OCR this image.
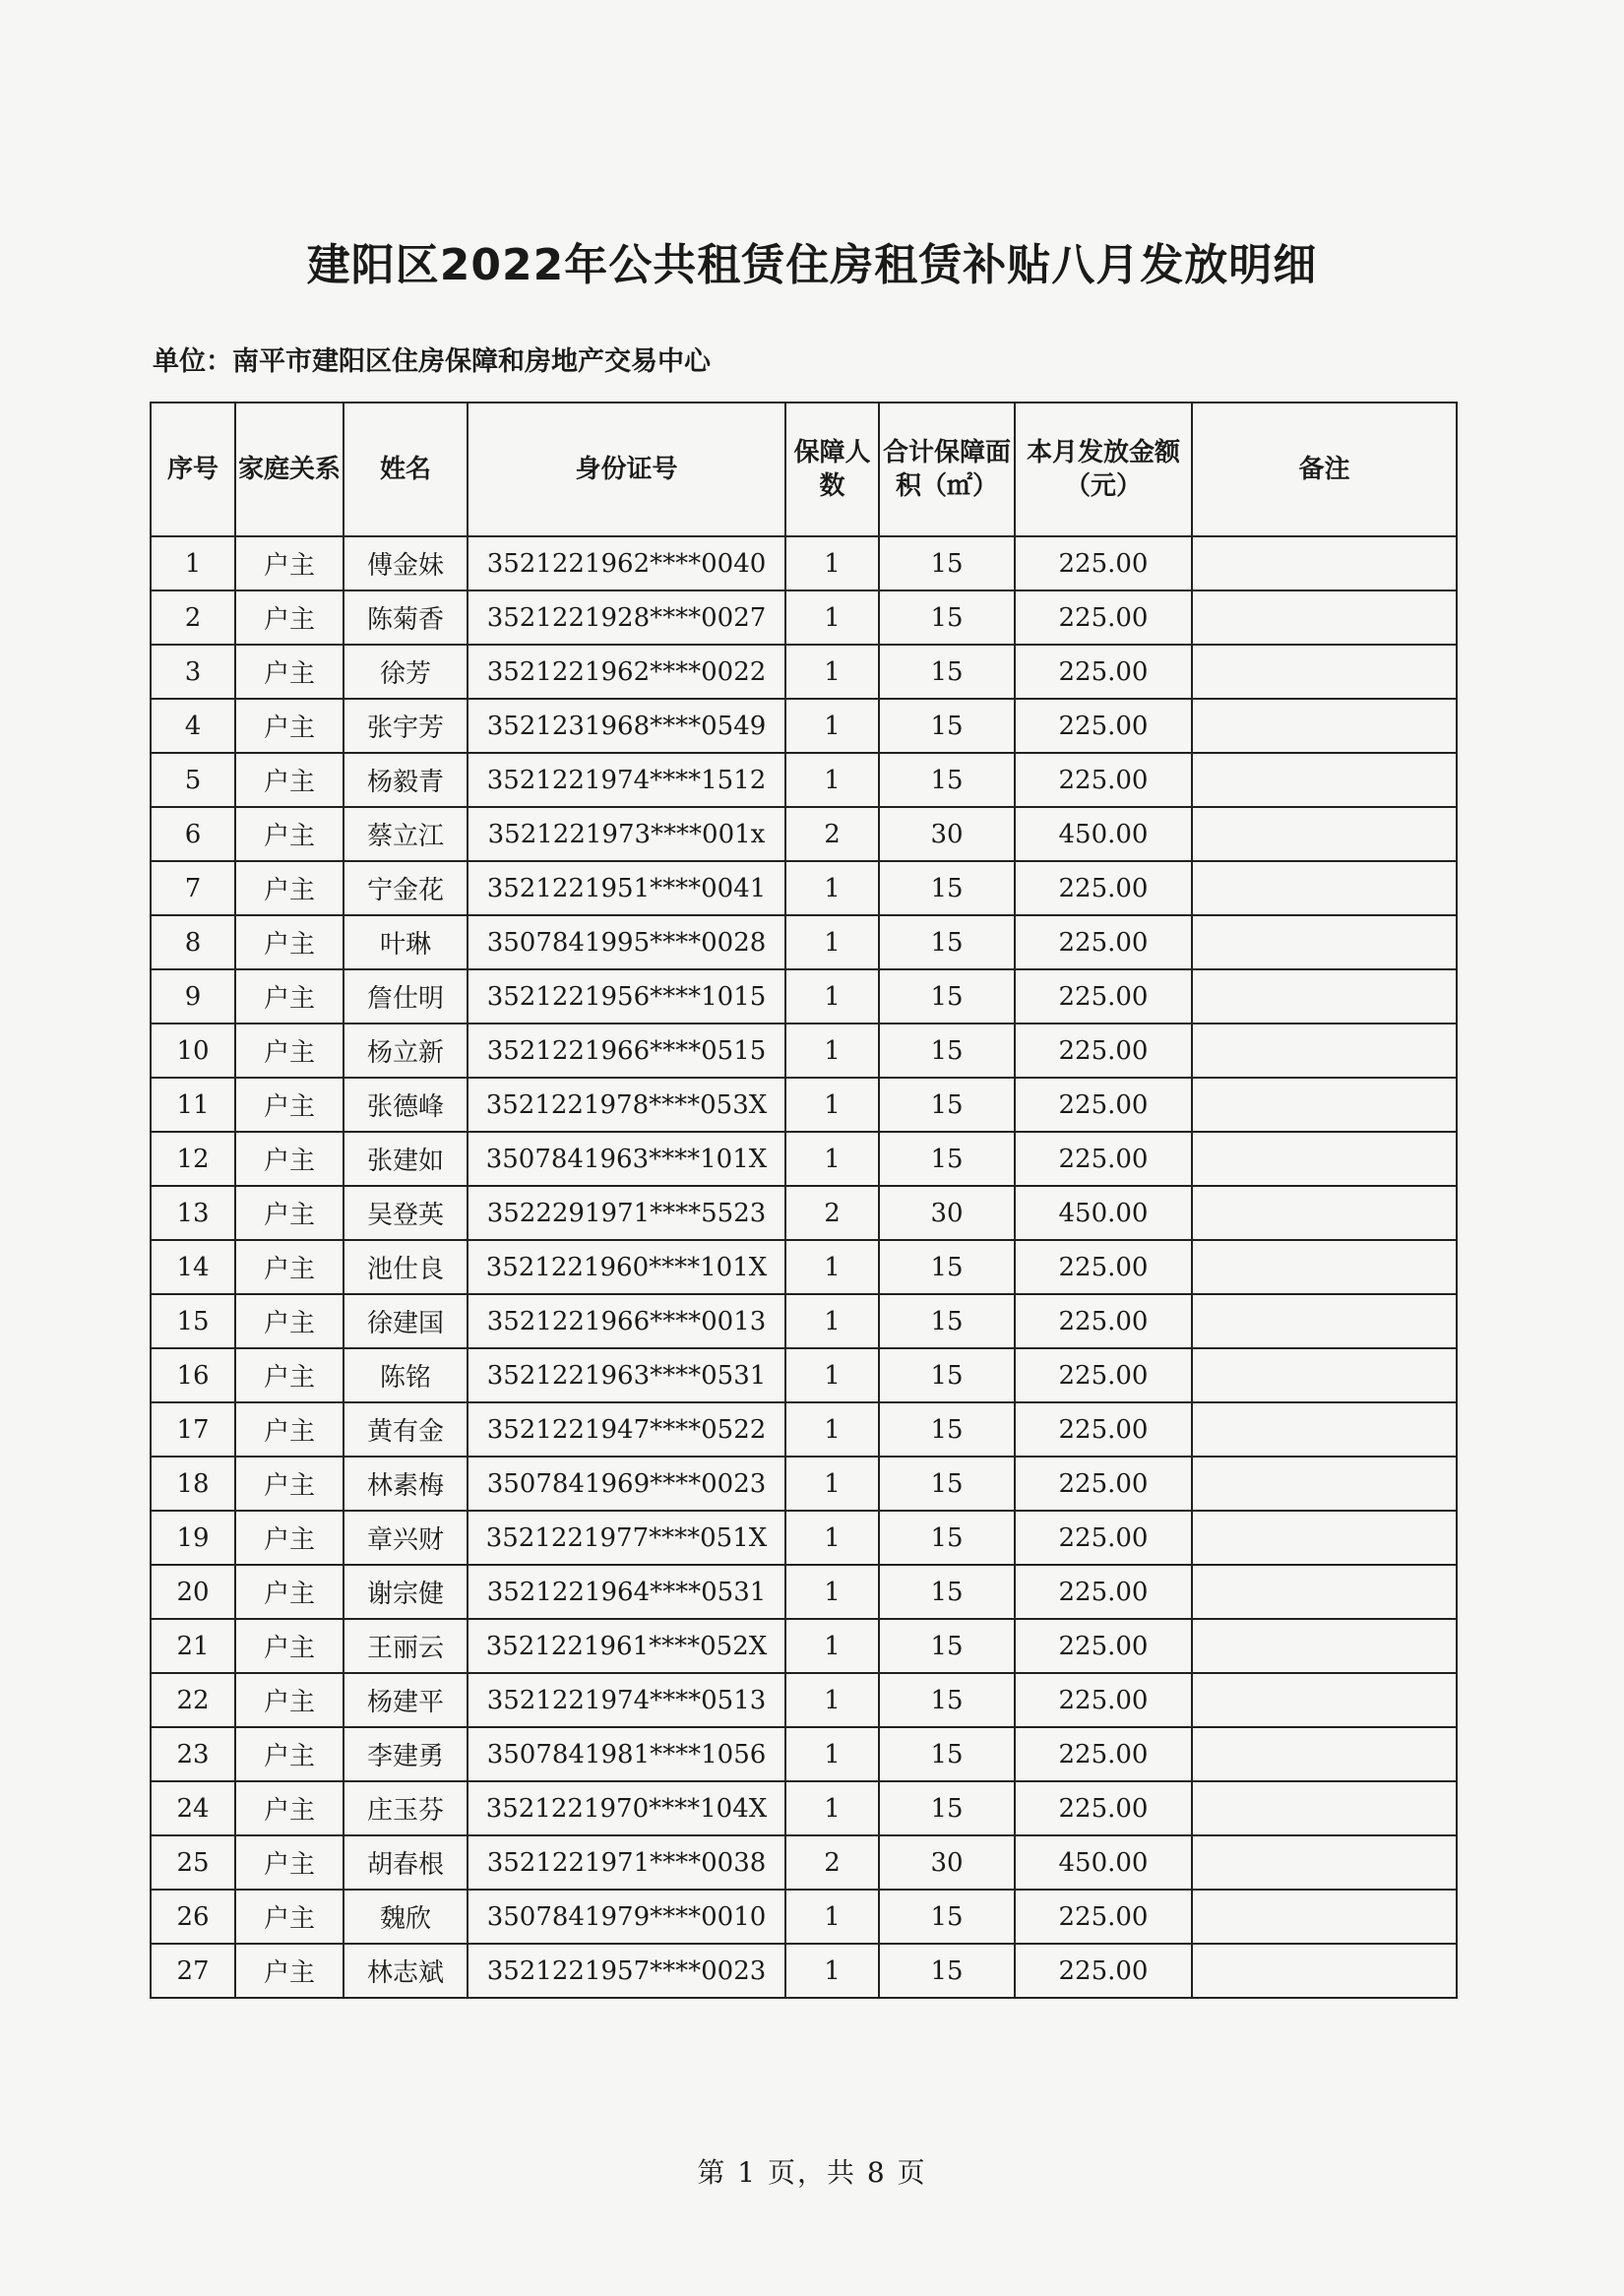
建阳区2022年公共租赁住房租赁补贴八月发放明细
单位：南平市建阳区住房保障和房地产交易中心
序号	家庭关系	姓名	身份证号	保障人数	合计保障面积（㎡）	本月发放金额（元）	备注
1	户主	傅金妹	3521221962****0040	1	15	225.00	
2	户主	陈菊香	3521221928****0027	1	15	225.00	
3	户主	徐芳	3521221962****0022	1	15	225.00	
4	户主	张宇芳	3521231968****0549	1	15	225.00	
5	户主	杨毅青	3521221974****1512	1	15	225.00	
6	户主	蔡立江	3521221973****001x	2	30	450.00	
7	户主	宁金花	3521221951****0041	1	15	225.00	
8	户主	叶琳	3507841995****0028	1	15	225.00	
9	户主	詹仕明	3521221956****1015	1	15	225.00	
10	户主	杨立新	3521221966****0515	1	15	225.00	
11	户主	张德峰	3521221978****053X	1	15	225.00	
12	户主	张建如	3507841963****101X	1	15	225.00	
13	户主	吴登英	3522291971****5523	2	30	450.00	
14	户主	池仕良	3521221960****101X	1	15	225.00	
15	户主	徐建国	3521221966****0013	1	15	225.00	
16	户主	陈铭	3521221963****0531	1	15	225.00	
17	户主	黄有金	3521221947****0522	1	15	225.00	
18	户主	林素梅	3507841969****0023	1	15	225.00	
19	户主	章兴财	3521221977****051X	1	15	225.00	
20	户主	谢宗健	3521221964****0531	1	15	225.00	
21	户主	王丽云	3521221961****052X	1	15	225.00	
22	户主	杨建平	3521221974****0513	1	15	225.00	
23	户主	李建勇	3507841981****1056	1	15	225.00	
24	户主	庄玉芬	3521221970****104X	1	15	225.00	
25	户主	胡春根	3521221971****0038	2	30	450.00	
26	户主	魏欣	3507841979****0010	1	15	225.00	
27	户主	林志斌	3521221957****0023	1	15	225.00	
第 1 页，共 8 页
